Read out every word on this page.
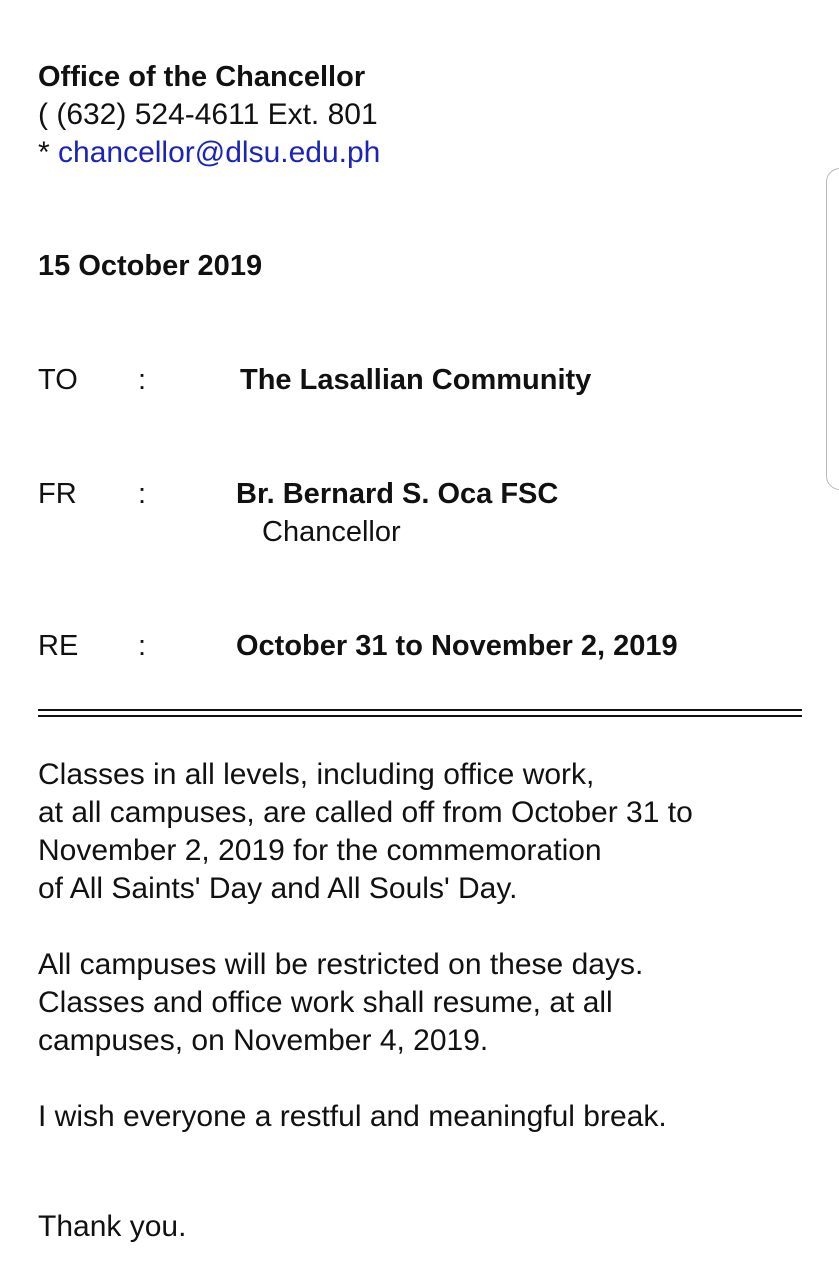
Office of the Chancellor
( (632) 524-4611 Ext. 801
* chancellor@dlsu.edu.ph
15 October 2019
TO :	The Lasallian Community
FR :	Br. Bernard S. Oca FSC
Chancellor
RE :	October 31 to November 2, 2019
Classes in all levels, including office work,
at all campuses, are called off from October 31 to
November 2, 2019 for the commemoration
of All Saints' Day and All Souls' Day.
All campuses will be restricted on these days.
Classes and office work shall resume, at all
campuses, on November 4, 2019.
I wish everyone a restful and meaningful break.
Thank you.
